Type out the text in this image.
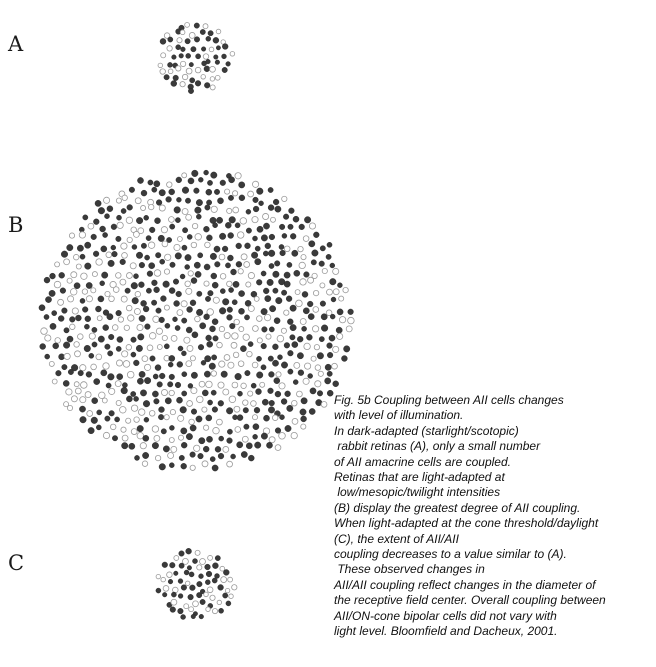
A
B
C
Fig. 5b Coupling between AII cells changes
with level of illumination.
In dark-adapted (starlight/scotopic)
rabbit retinas (A), only a small number
of AII amacrine cells are coupled.
Retinas that are light-adapted at
low/mesopic/twilight intensities
(B) display the greatest degree of AII coupling.
When light-adapted at the cone threshold/daylight
(C), the extent of AII/AII
coupling decreases to a value similar to (A).
These observed changes in
AII/AII coupling reflect changes in the diameter of
the receptive field center. Overall coupling between
AII/ON-cone bipolar cells did not vary with
light level. Bloomfield and Dacheux, 2001.
